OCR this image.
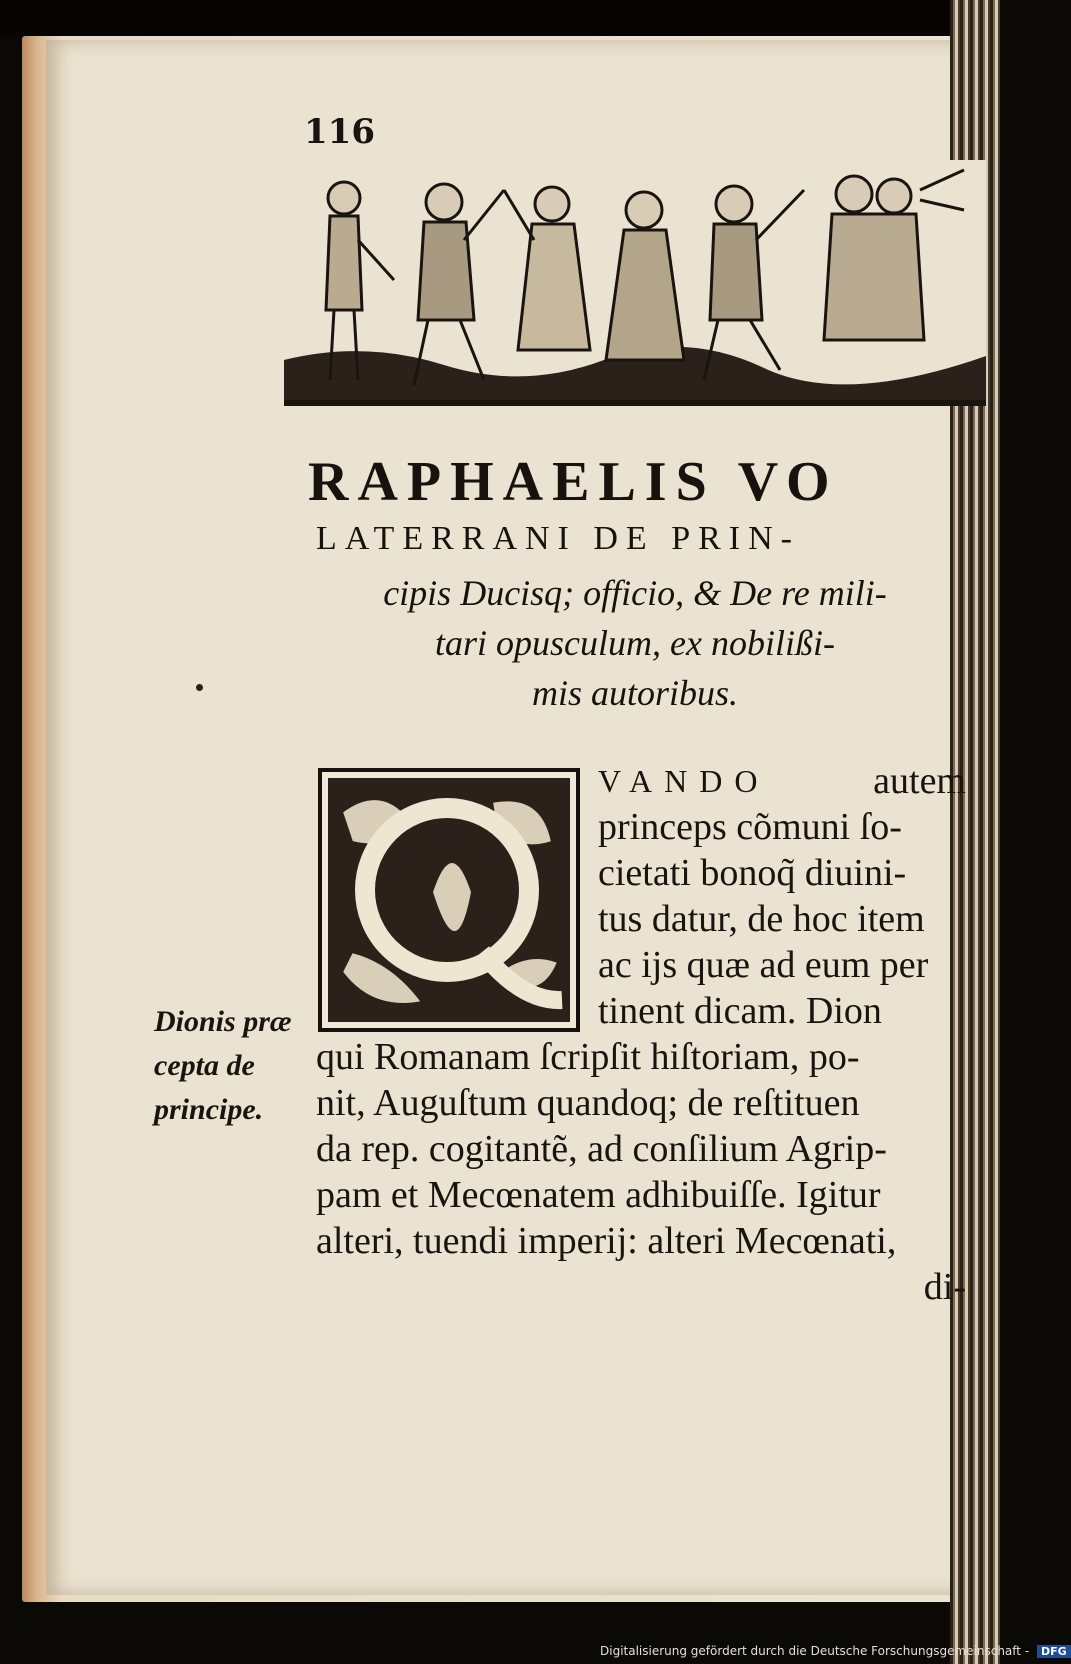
116
RAPHAELIS VO
LATERRANI DE PRIN-
cipis Ducisq; officio, & De re mili-
tari opusculum, ex nobilißi-
mis autoribus.
VANDO	autem
princeps cõmuni ſo-
cietati bonoq̃ diuini-
tus datur, de hoc item
ac ijs quæ ad eum per
tinent dicam. Dion
qui Romanam ſcripſit hiſtoriam, po-
nit, Auguſtum quandoq; de reſtituen
da rep. cogitantẽ, ad conſilium Agrip-
pam et Mecœnatem adhibuiſſe. Igitur
alteri, tuendi imperij: alteri Mecœnati,
di-
Dionis præ
cepta de
principe.
Digitalisierung gefördert durch die Deutsche Forschungsgemeinschaft - DFG
